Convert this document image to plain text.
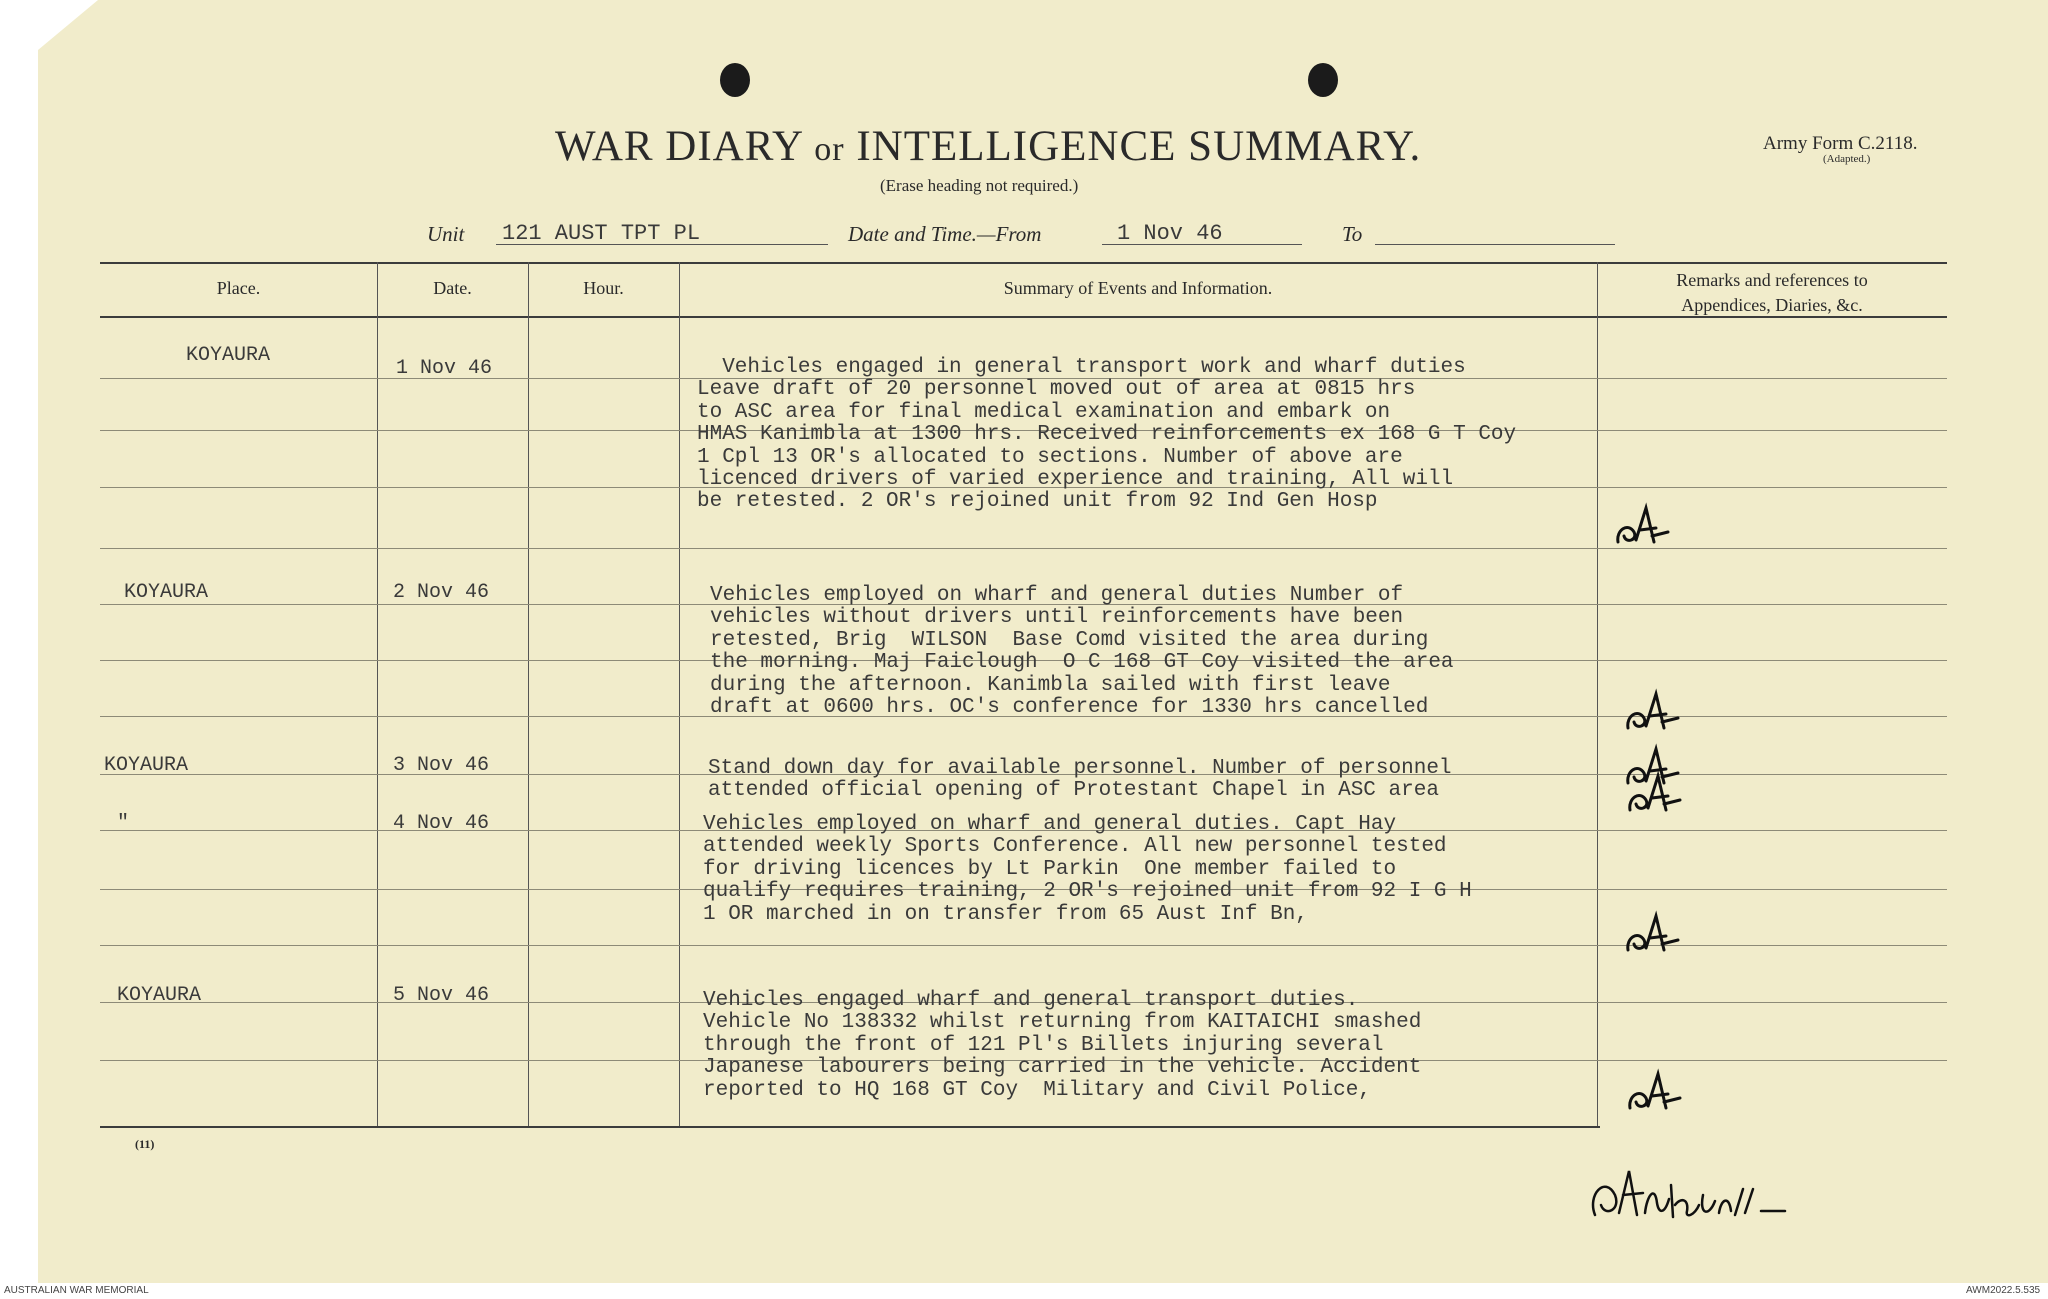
WAR DIARY or INTELLIGENCE SUMMARY.
(Erase heading not required.)
Army Form C.2118.
(Adapted.)
Unit 121 AUST TPT PL	Date and Time.—From	1 Nov 46	To
Place.	Date.	Hour.	Summary of Events and Information.	Remarks and references to
Appendices, Diaries, &c.
KOYAURA
1 Nov 46	Vehicles engaged in general transport work and wharf duties
Leave draft of 20 personnel moved out of area at 0815 hrs
to ASC area for final medical examination and embark on
HMAS Kanimbla at 1300 hrs. Received reinforcements ex 168 G T Coy
1 Cpl 13 OR's allocated to sections. Number of above are
licenced drivers of varied experience and training, All will
be retested. 2 OR's rejoined unit from 92 Ind Gen Hosp
KOYAURA	2 Nov 46	Vehicles employed on wharf and general duties Number of
vehicles without drivers until reinforcements have been
retested, Brig  WILSON  Base Comd visited the area during
the morning. Maj Faiclough  O C 168 GT Coy visited the area
during the afternoon. Kanimbla sailed with first leave
draft at 0600 hrs. OC's conference for 1330 hrs cancelled
KOYAURA	3 Nov 46	Stand down day for available personnel. Number of personnel
attended official opening of Protestant Chapel in ASC area
"	4 Nov 46	Vehicles employed on wharf and general duties. Capt Hay
attended weekly Sports Conference. All new personnel tested
for driving licences by Lt Parkin  One member failed to
qualify requires training, 2 OR's rejoined unit from 92 I G H
1 OR marched in on transfer from 65 Aust Inf Bn,
KOYAURA	5 Nov 46	Vehicles engaged wharf and general transport duties.
Vehicle No 138332 whilst returning from KAITAICHI smashed
through the front of 121 Pl's Billets injuring several
Japanese labourers being carried in the vehicle. Accident
reported to HQ 168 GT Coy  Military and Civil Police,
(11)
AUSTRALIAN WAR MEMORIAL	AWM2022.5.535
